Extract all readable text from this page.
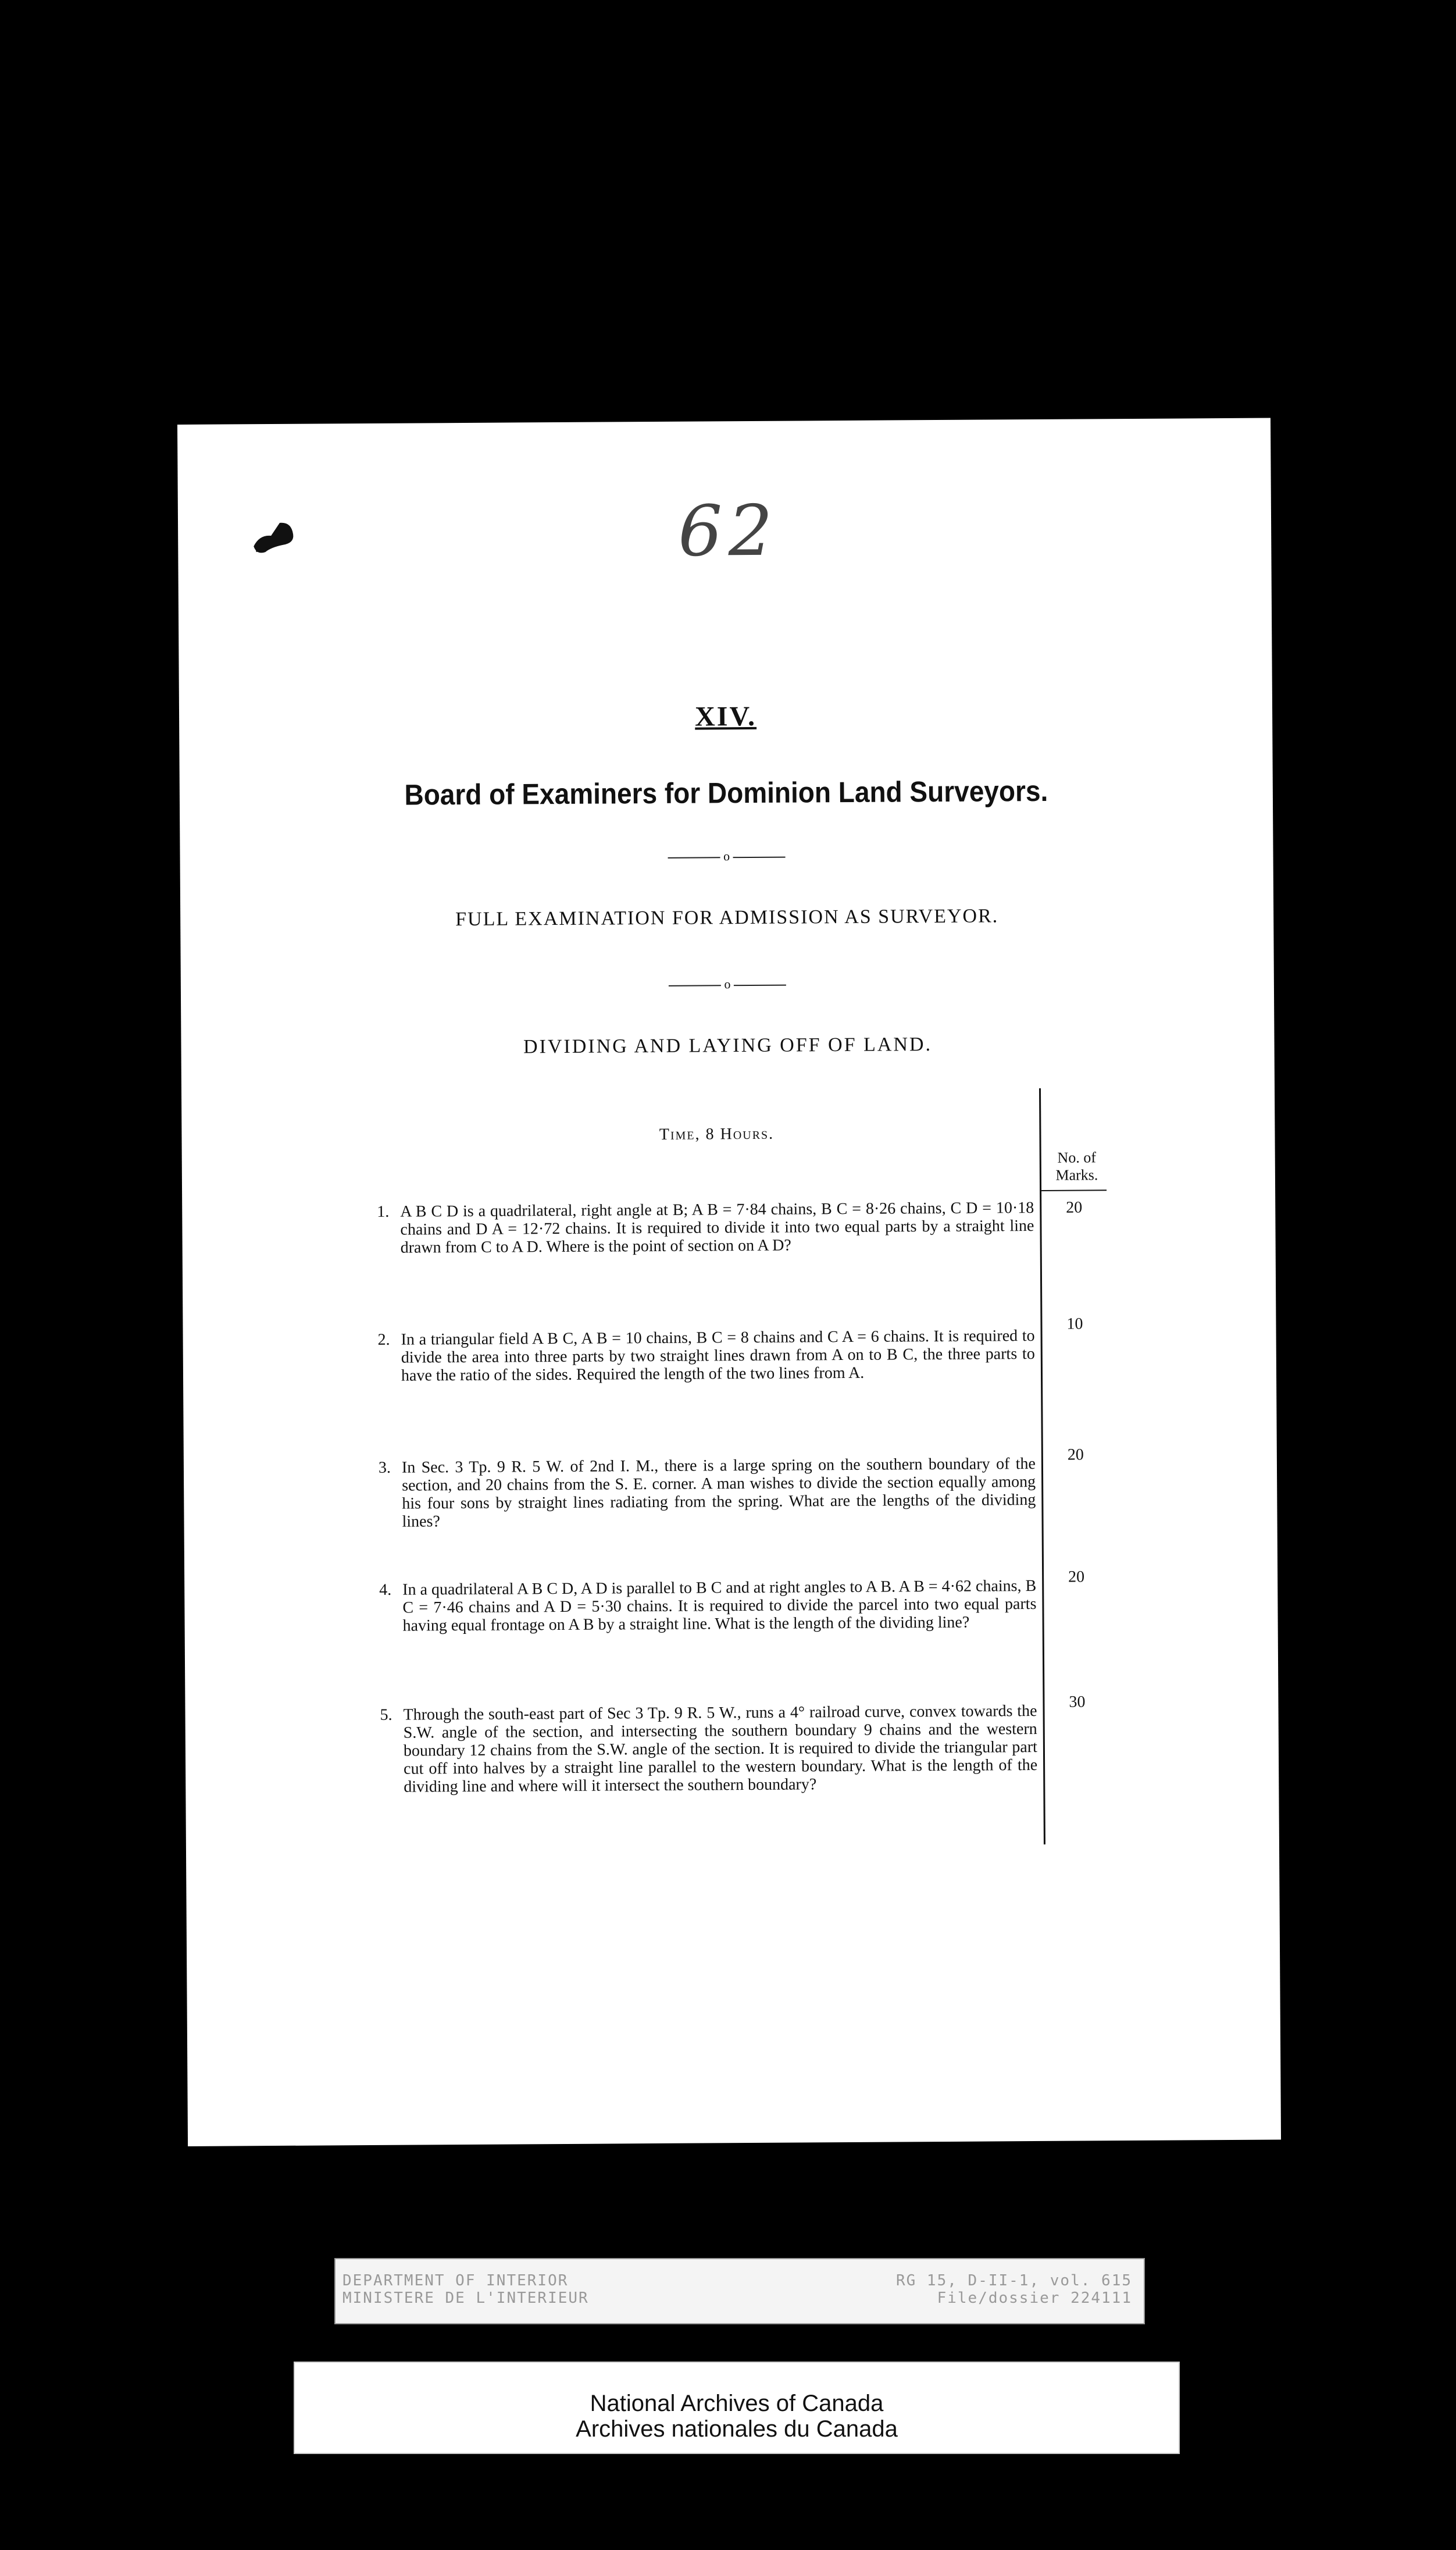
62
XIV.
Board of Examiners for Dominion Land Surveyors.
o
FULL EXAMINATION FOR ADMISSION AS SURVEYOR.
o
DIVIDING AND LAYING OFF OF LAND.
Time, 8 Hours.
No. of
Marks.
1. A B C D is a quadrilateral, right angle at B; A B = 7·84 chains, B C = 8·26 chains, C D = 10·18 chains and D A = 12·72 chains. It is required to divide it into two equal parts by a straight line drawn from C to A D. Where is the point of section on A D?
20
2. In a triangular field A B C, A B = 10 chains, B C = 8 chains and C A = 6 chains. It is required to divide the area into three parts by two straight lines drawn from A on to B C, the three parts to have the ratio of the sides. Required the length of the two lines from A.
10
3. In Sec. 3 Tp. 9 R. 5 W. of 2nd I. M., there is a large spring on the southern boundary of the section, and 20 chains from the S. E. corner. A man wishes to divide the section equally among his four sons by straight lines radiating from the spring. What are the lengths of the dividing lines?
20
4. In a quadrilateral A B C D, A D is parallel to B C and at right angles to A B. A B = 4·62 chains, B C = 7·46 chains and A D = 5·30 chains. It is required to divide the parcel into two equal parts having equal frontage on A B by a straight line. What is the length of the dividing line?
20
5. Through the south-east part of Sec 3 Tp. 9 R. 5 W., runs a 4° railroad curve, convex towards the S.W. angle of the section, and intersecting the southern boundary 9 chains and the western boundary 12 chains from the S.W. angle of the section. It is required to divide the triangular part cut off into halves by a straight line parallel to the western boundary. What is the length of the dividing line and where will it intersect the southern boundary?
30
DEPARTMENT OF INTERIOR
MINISTERE DE L'INTERIEUR
RG 15, D-II-1, vol. 615
File/dossier 224111
National Archives of Canada
Archives nationales du Canada
